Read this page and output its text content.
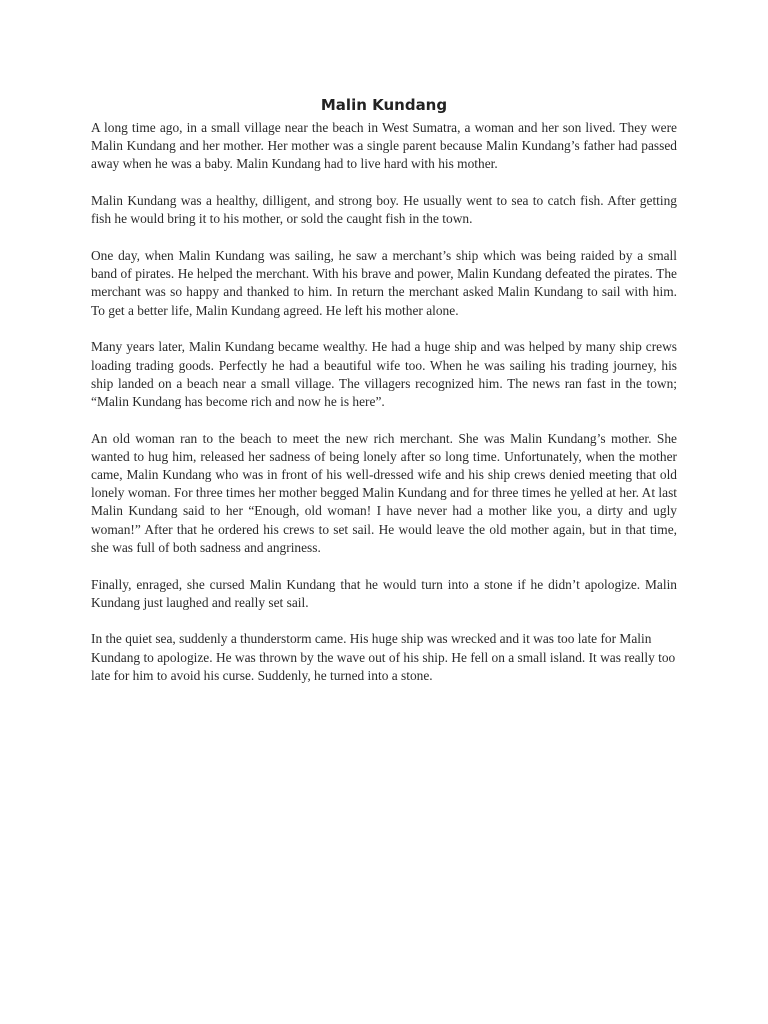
Malin Kundang

A long time ago, in a small village near the beach in West Sumatra, a woman and her son lived. They were Malin Kundang and her mother. Her mother was a single parent because Malin Kundang’s father had passed away when he was a baby. Malin Kundang had to live hard with his mother.

Malin Kundang was a healthy, dilligent, and strong boy. He usually went to sea to catch fish. After getting fish he would bring it to his mother, or sold the caught fish in the town.

One day, when Malin Kundang was sailing, he saw a merchant’s ship which was being raided by a small band of pirates. He helped the merchant. With his brave and power, Malin Kundang defeated the pirates. The merchant was so happy and thanked to him. In return the merchant asked Malin Kundang to sail with him. To get a better life, Malin Kundang agreed. He left his mother alone.

Many years later, Malin Kundang became wealthy. He had a huge ship and was helped by many ship crews loading trading goods. Perfectly he had a beautiful wife too. When he was sailing his trading journey, his ship landed on a beach near a small village. The villagers recognized him. The news ran fast in the town; “Malin Kundang has become rich and now he is here”.

An old woman ran to the beach to meet the new rich merchant. She was Malin Kundang’s mother. She wanted to hug him, released her sadness of being lonely after so long time. Unfortunately, when the mother came, Malin Kundang who was in front of his well-dressed wife and his ship crews denied meeting that old lonely woman. For three times her mother begged Malin Kundang and for three times he yelled at her. At last Malin Kundang said to her “Enough, old woman! I have never had a mother like you, a dirty and ugly woman!” After that he ordered his crews to set sail. He would leave the old mother again, but in that time, she was full of both sadness and angriness.

Finally, enraged, she cursed Malin Kundang that he would turn into a stone if he didn’t apologize. Malin Kundang just laughed and really set sail.

In the quiet sea, suddenly a thunderstorm came. His huge ship was wrecked and it was too late for Malin Kundang to apologize. He was thrown by the wave out of his ship. He fell on a small island. It was really too late for him to avoid his curse. Suddenly, he turned into a stone.
